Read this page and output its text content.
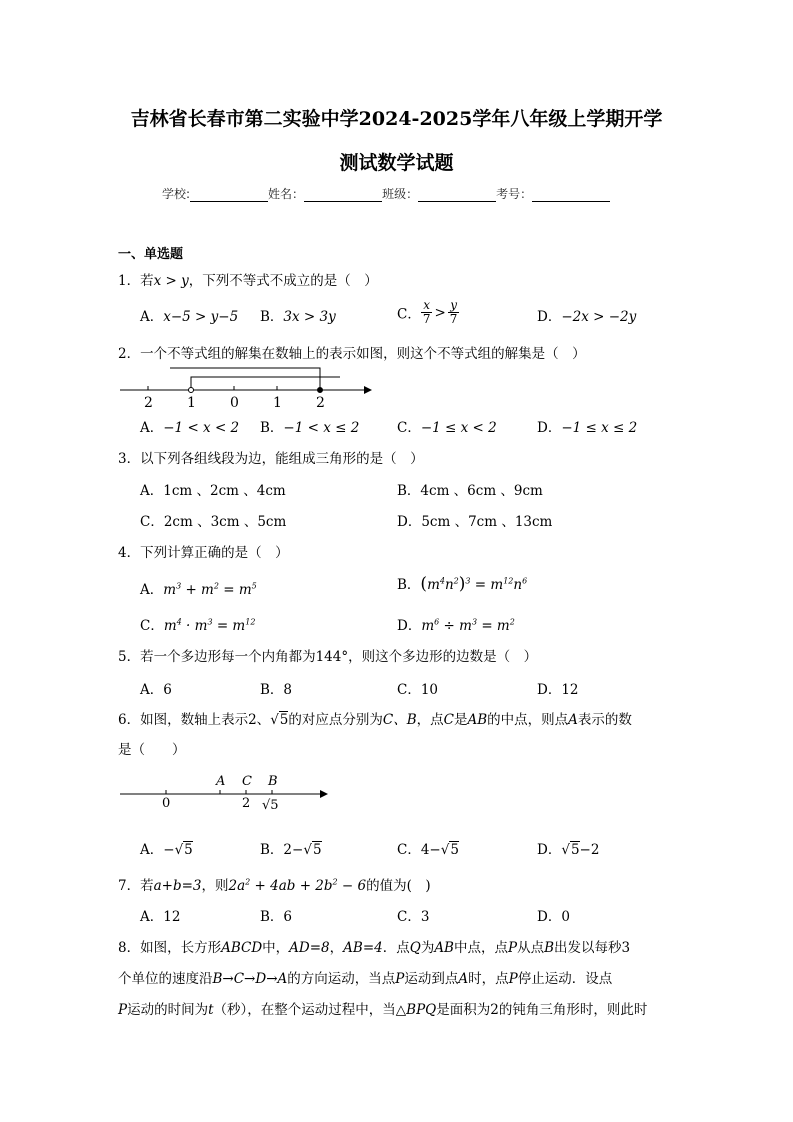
吉林省长春市第二实验中学2024-2025学年八年级上学期开学
测试数学试题
学校:	姓名：	班级：	考号：
一、单选题
1．若x > y，下列不等式不成立的是（　）
A．x−5 > y−5 B．3x > 3y	C． $\frac{x}{7} > \frac{y}{7}$	D．−2x > −2y
2．一个不等式组的解集在数轴上的表示如图，则这个不等式组的解集是（　）
2 1 0 1 2
A．−1 < x < 2 B．−1 < x ≤ 2	C．−1 ≤ x < 2	D．−1 ≤ x ≤ 2
3．以下列各组线段为边，能组成三角形的是（　）
A．1cm 、2cm 、4cm	B．4cm 、6cm 、9cm
C．2cm 、3cm 、5cm	D．5cm 、7cm 、13cm
4．下列计算正确的是（　）
A．$m^3 + m^2 = m^5$	B．$(m^4n^2)^3 = m^{12}n^6$
C．$m^4 \cdot m^3 = m^{12}$	D．$m^6 \div m^3 = m^2$
5．若一个多边形每一个内角都为144°，则这个多边形的边数是（　）
A．6	B．8	C．10	D．12
6．如图，数轴上表示2、√5的对应点分别为C、B，点C是AB的中点，则点A表示的数
是（　　）
A C B
0	2 √5
A．−√5	B．2−√5	C．4−√5	D．√5−2
7．若a+b=3，则$2a^2 + 4ab + 2b^2 - 6$的值为(　)
A．12	B．6	C．3	D．0
8．如图，长方形ABCD中，AD=8，AB=4．点Q为AB中点，点P从点B出发以每秒3
个单位的速度沿B→C→D→A的方向运动，当点P运动到点A时，点P停止运动．设点
P运动的时间为t（秒），在整个运动过程中，当△BPQ是面积为2的钝角三角形时，则此时
